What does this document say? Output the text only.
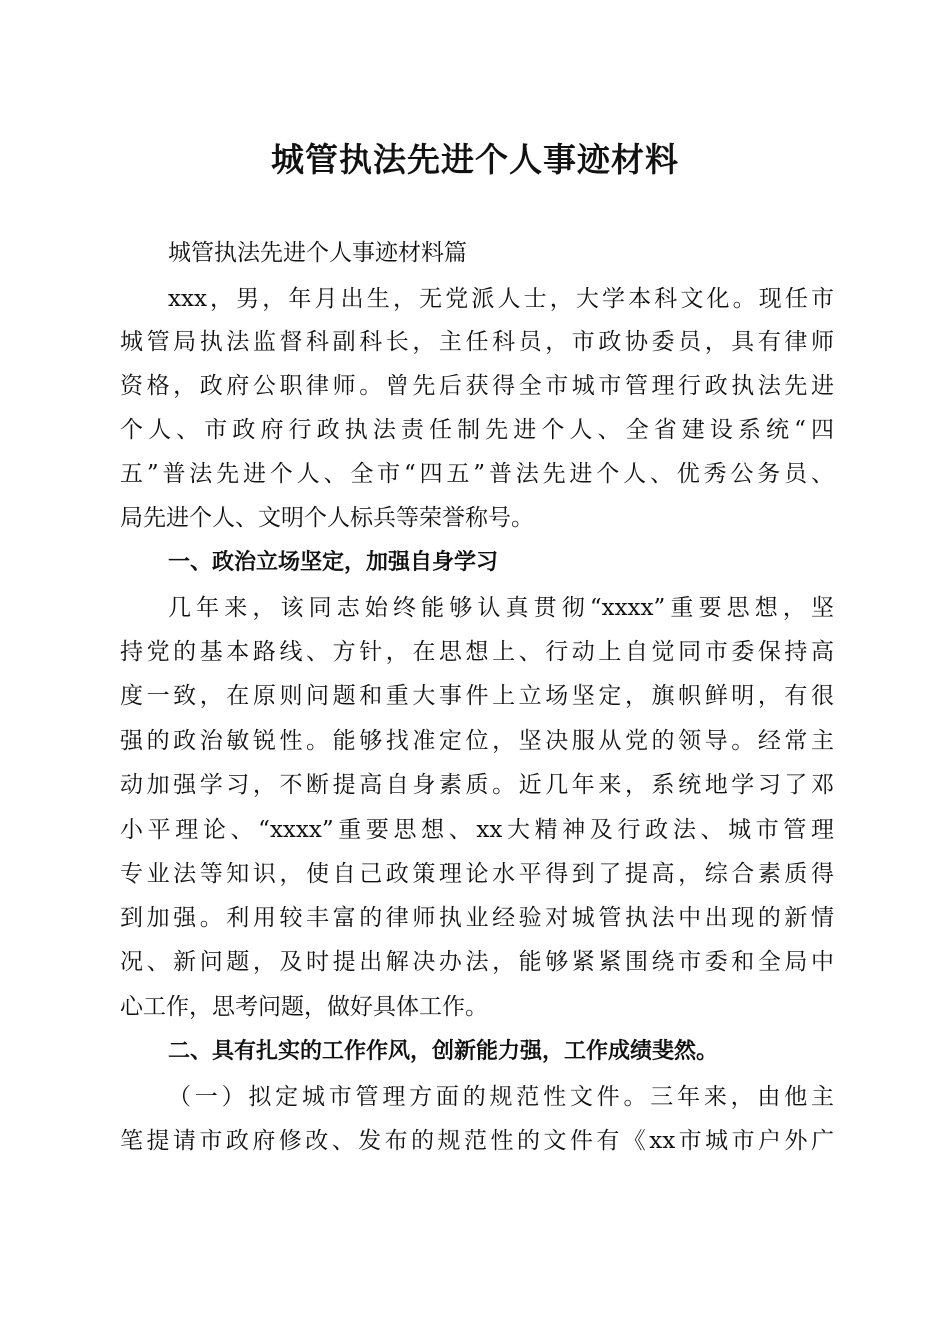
城管执法先进个人事迹材料
城管执法先进个人事迹材料篇
xxx，男，年月出生，无党派人士，大学本科文化。现任市
城管局执法监督科副科长，主任科员，市政协委员，具有律师
资格，政府公职律师。曾先后获得全市城市管理行政执法先进
个人、市政府行政执法责任制先进个人、全省建设系统“四
五”普法先进个人、全市“四五”普法先进个人、优秀公务员、
局先进个人、文明个人标兵等荣誉称号。
一、政治立场坚定，加强自身学习
几年来，该同志始终能够认真贯彻“xxxx”重要思想，坚
持党的基本路线、方针，在思想上、行动上自觉同市委保持高
度一致，在原则问题和重大事件上立场坚定，旗帜鲜明，有很
强的政治敏锐性。能够找准定位，坚决服从党的领导。经常主
动加强学习，不断提高自身素质。近几年来，系统地学习了邓
小平理论、“xxxx”重要思想、xx大精神及行政法、城市管理
专业法等知识，使自己政策理论水平得到了提高，综合素质得
到加强。利用较丰富的律师执业经验对城管执法中出现的新情
况、新问题，及时提出解决办法，能够紧紧围绕市委和全局中
心工作，思考问题，做好具体工作。
二、具有扎实的工作作风，创新能力强，工作成绩斐然。
（一）拟定城市管理方面的规范性文件。三年来，由他主
笔提请市政府修改、发布的规范性的文件有《xx市城市户外广
